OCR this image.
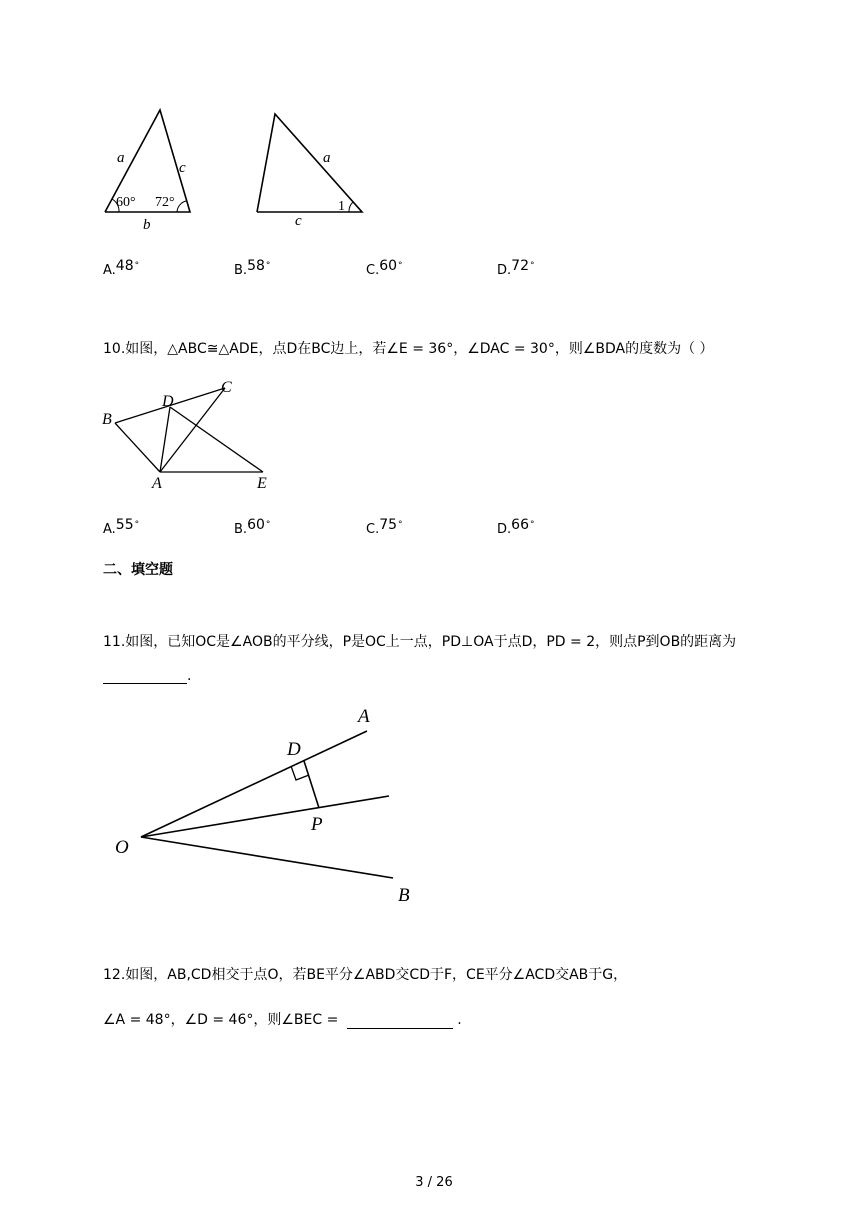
a
c
b
60° 72°
a
c
1
A.48°	B.58°	C.60°	D.72°
10.如图，△ABC≅△ADE，点D在BC边上，若∠E = 36°，∠DAC = 30°，则∠BDA的度数为（ ）
B
D
C
A	E
A.55°	B.60°	C.75°	D.66°
二、填空题
11.如图，已知OC是∠AOB的平分线，P是OC上一点，PD⊥OA于点D，PD = 2，则点P到OB的距离为
.
A
D
P
O
B
12.如图，AB,CD相交于点O，若BE平分∠ABD交CD于F，CE平分∠ACD交AB于G，
∠A = 48°，∠D = 46°，则∠BEC =	.
3 / 26
